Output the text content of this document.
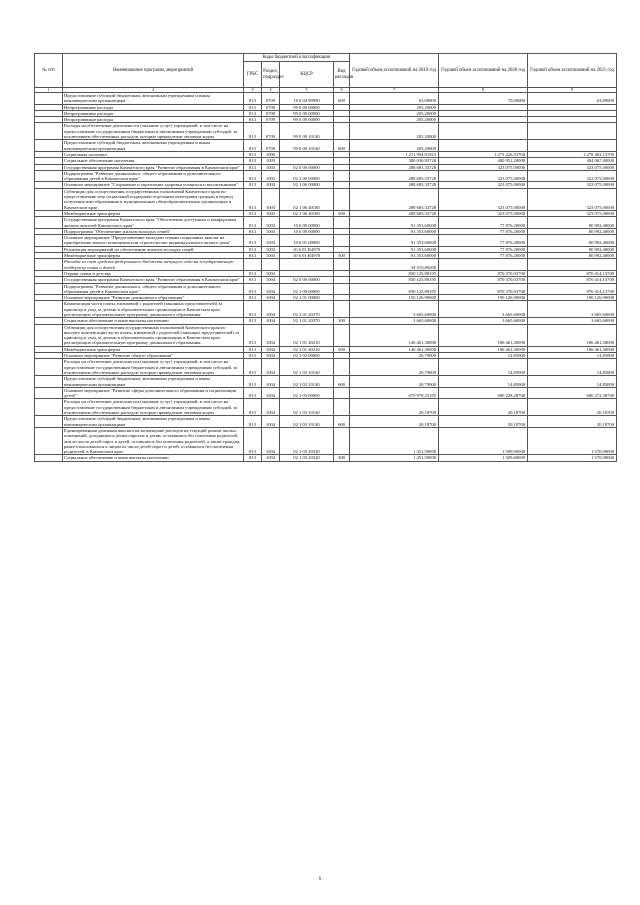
№ п/п	Наименование программ, мероприятий	Коды бюджетной классификации				Годовой объем ассигнований на 2019 год	Годовой объем ассигнований на 2020 год	Годовой объем ассигнований на 2021 год
		ГРБС	Раздел, подраздел	КЦСР	Вид расходов			
1	2	3	4	5	6	7	8	9
	Предоставление субсидий бюджетным, автономным учреждениям и иным некоммерческим организациям	813	0709	16 6 04 99990	600	63,00000	70,00000	63,00000
	Непрограммные расходы	813	0709	99 0 00 00000		205,20000		
	Непрограммные расходы	813	0709	99 0 00 00000		205,20000		
	Непрограммные расходы	813	0709	99 0 00 00000		205,20000		
	Расходы на обеспечение деятельности (оказание услуг) учреждений, в том числе на предоставление государственным бюджетным и автономным учреждениям субсидий, за исключением обеспеченных расходов, которые принадлежат типовым кодам	813	0709	99 0 00 10140		205,20000		
	Предоставление субсидий бюджетным, автономным учреждениям и иным некоммерческим организациям	813	0709	99 0 00 10140	600	205,20000		
	Социальная политика	813	1000			1 211 994,81923	1 273 226,53700	1 278 463,13700
	Социальное обеспечение населения	813	1003			380 036,93728	400 951,20000	404 067,40000
	Государственная программа Камчатского края "Развитие образования в Камчатском крае"	813	1003	02 0 00 00000		288 683,33728	323 075,00000	323 075,00000
	Подпрограмма "Развитие дошкольного, общего образования и дополнительного образования детей в Камчатском крае"	813	1003	02 1 00 00000		288 683,33728	323 075,00000	323 075,00000
	Основное мероприятие "Сохранение и укрепление здоровья учащихся и воспитанников"	813	1003	02 1 06 00000		288 683,33728	323 075,00000	323 075,00000
	Субвенции для осуществления государственных полномочий Камчатского края по предоставлению мер социальной поддержки отдельным категориям граждан в период получения ими образования в муниципальных общеобразовательных организациях в Камчатском крае	813	1003	02 1 06 40180		288 683,33728	323 075,00000	323 075,00000
	Межбюджетные трансферты	813	1003	02 1 06 40180	500	288 683,33728	323 075,00000	323 075,00000
	Государственная программа Камчатского края "Обеспечение доступным и комфортным жильем жителей Камчатского края"	813	1003	10 0 00 00000		91 353,60000	77 876,20000	80 992,40000
	Подпрограмма "Обеспечение жильем молодых семей"	813	1003	10 6 00 00000		91 353,60000	77 876,20000	80 992,40000
	Основное мероприятие "Предоставление молодым семьям социальных выплат на приобретение жилого помещения или строительство индивидуального жилого дома"	813	1003	10 6 01 00000		91 353,60000	77 876,20000	80 992,40000
	Реализация мероприятий по обеспечению жильем молодых семей	813	1003	10 6 01 R4970		91 353,60000	77 876,20000	80 992,40000
	Межбюджетные трансферты	813	1003	10 6 01 R4970	500	91 353,60000	77 876,20000	80 992,40000
	Расходы за счет средств федерального бюджета текущего года на государственную поддержку семьи и детей					54 510,80000		
	Охрана семьи и детства	813	1004			830 125,88195	870 370,03700	870 414,13700
	Государственная программа Камчатского края "Развитие образования в Камчатском крае"	813	1004	02 0 00 00000		830 125,88195	870 370,03700	870 414,13700
	Подпрограмма "Развитие дошкольного, общего образования и дополнительного образования детей в Камчатском крае"	813	1004	02 1 00 00000		830 125,88195	870 370,03700	870 414,13700
	Основное мероприятие "Развитие дошкольного образования"	813	1004	02 1 01 00000		150 126,90000	190 126,90000	190 126,90000
	Компенсация части платы, взимаемой с родителей (законных представителей) за присмотр и уход за детьми в образовательных организациях в Камчатском крае, реализующих образовательную программу дошкольного образования	813	1004	02 1 01 20370		3 665,60000	3 665,60000	3 665,60000
	Социальное обеспечение и иные выплаты населению	813	1004	02 1 01 20370	300	3 665,60000	3 665,60000	3 665,60000
	Субвенции для осуществления государственных полномочий Камчатского края по выплате компенсации части платы, взимаемой с родителей (законных представителей) за присмотр и уход за детьми в образовательных организациях в Камчатском крае, реализующих образовательную программу дошкольного образования	813	1004	02 1 01 40210		146 461,30000	186 461,30000	186 461,30000
	Межбюджетные трансферты	813	1004	02 1 01 40210	500	146 461,30000	186 461,30000	186 461,30000
	Основное мероприятие "Развитие общего образования"	813	1004	02 1 02 00000		20,79000	14,85000	14,85000
	Расходы на обеспечение деятельности (оказание услуг) учреждений, в том числе на предоставление государственным бюджетным и автономным учреждениям субсидий, за исключением обеспеченных расходов, которые принадлежат типовым кодам	813	1004	02 1 02 10140		20,79000	14,85000	14,85000
	Предоставление субсидий бюджетным, автономным учреждениям и иным некоммерческим организациям	813	1004	02 1 02 10140	600	20,79000	14,85000	14,85000
	Основное мероприятие "Развитие сферы дополнительного образования и социализации детей"	813	1004	02 1 03 00000		679 978,25195	680 228,28700	680 272,38700
	Расходы на обеспечение деятельности (оказание услуг) учреждений, в том числе на предоставление государственным бюджетным и автономным учреждениям субсидий, за исключением обеспеченных расходов, которые принадлежат типовым кодам	813	1004	02 1 03 10140		20,18700	20,18700	20,18700
	Предоставление субсидий бюджетным, автономным учреждениям и иным некоммерческим организациям	813	1004	02 1 03 10140	600	20,18700	20,18700	20,18700
	Единовременная денежная выплата на возмещение расходов на текущий ремонт жилых помещений, доходящихся детям-сиротам и детям, оставшимся без попечения родителей, лиц из числа детей-сирот и детей, оставшихся без попечения родителей, а также граждан, ранее относившихся к лицам из числа детей-сирот и детей, оставшихся без попечения родителей, в Камчатском крае	813	1004	02 1 03 20320		1 451,50000	1 509,60000	1 570,00000
	Социальное обеспечение и иные выплаты населению	813	1004	02 1 03 20320	300	1 451,50000	1 509,60000	1 570,00000
6
